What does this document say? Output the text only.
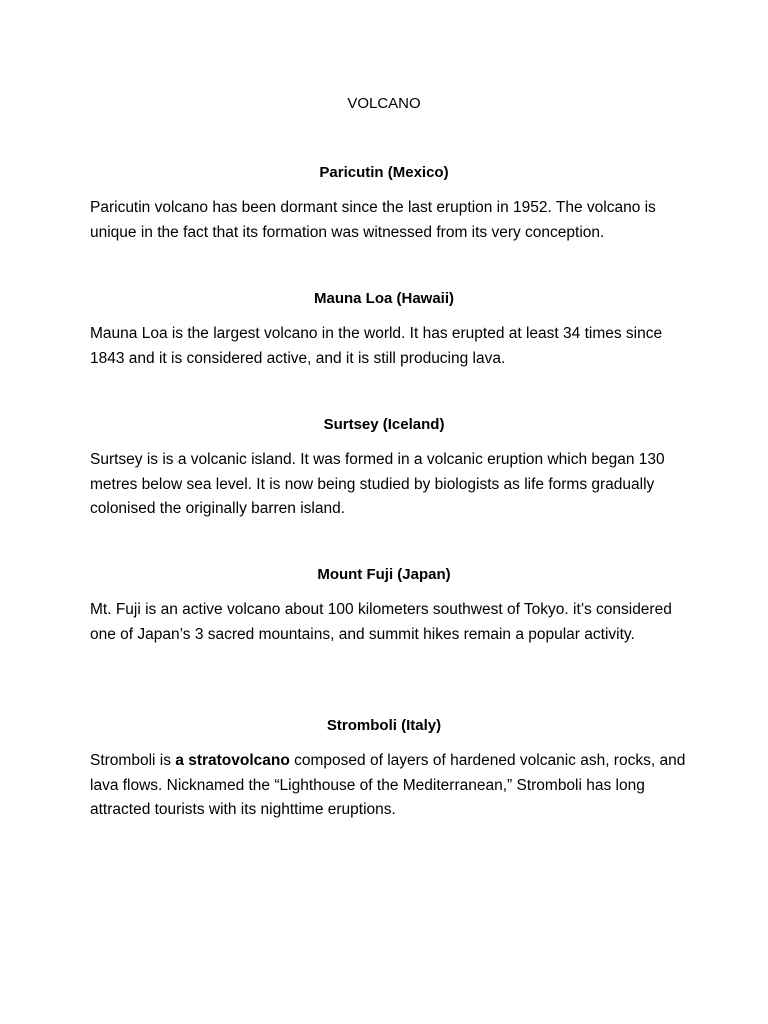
VOLCANO
Paricutin (Mexico)

Paricutin volcano has been dormant since the last eruption in 1952. The volcano is unique in the fact that its formation was witnessed from its very conception.

Mauna Loa (Hawaii)

Mauna Loa is the largest volcano in the world. It has erupted at least 34 times since 1843 and it is considered active, and it is still producing lava.

Surtsey (Iceland)

Surtsey is is a volcanic island. It was formed in a volcanic eruption which began 130 metres below sea level. It is now being studied by biologists as life forms gradually colonised the originally barren island.

Mount Fuji (Japan)

Mt. Fuji is an active volcano about 100 kilometers southwest of Tokyo. it’s considered one of Japan’s 3 sacred mountains, and summit hikes remain a popular activity.

Stromboli (Italy)

Stromboli is a stratovolcano composed of layers of hardened volcanic ash, rocks, and lava flows. Nicknamed the “Lighthouse of the Mediterranean,” Stromboli has long attracted tourists with its nighttime eruptions.
